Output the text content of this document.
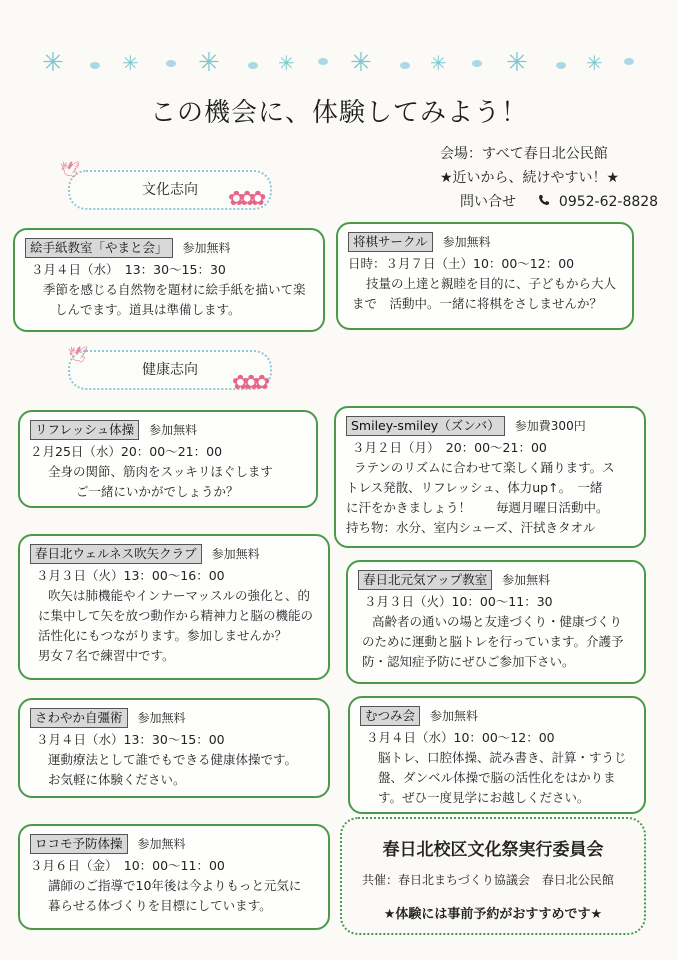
✳	✳ ✳	✳ ✳	✳ ✳	✳
この機会に、体験してみよう！
会場：すべて春日北公民館
★近いから、続けやすい！★
問い合せ	0952-62-8828
文化志向
🕊
✿✿✿
健康志向
🕊
✿✿✿
絵手紙教室「やまと会」	参加無料
３月４日（水）　13：30～15：30
季節を感じる自然物を題材に絵手紙を描いて楽
しんでます。道具は準備します。
将棋サークル	参加無料
日時：３月７日（土）10：00～12：00
技量の上達と親睦を目的に、子どもから大人
まで　活動中。一緒に将棋をさしませんか？
リフレッシュ体操	参加無料
２月25日（水）20：00～21：00
全身の関節、筋肉をスッキリほぐします
ご一緒にいかがでしょうか？
Smiley-smiley（ズンバ）	参加費300円
３月２日（月）　20：00～21：00
ラテンのリズムに合わせて楽しく踊ります。ス
トレス発散、リフレッシュ、体力up↑。　一緒
に汗をかきましょう！　　毎週月曜日活動中。
持ち物：水分、室内シューズ、汗拭きタオル
春日北ウェルネス吹矢クラブ	参加無料
３月３日（火）13：00～16：00
吹矢は肺機能やインナーマッスルの強化と、的
に集中して矢を放つ動作から精神力と脳の機能の
活性化にもつながります。参加しませんか？
男女７名で練習中です。
春日北元気アップ教室	参加無料
３月３日（火）10：00～11：30
高齢者の通いの場と友達づくり・健康づくり
のために運動と脳トレを行っています。介護予
防・認知症予防にぜひご参加下さい。
さわやか自彊術	参加無料
３月４日（水）13：30～15：00
運動療法として誰でもできる健康体操です。
お気軽に体験ください。
むつみ会	参加無料
３月４日（水）10：00～12：00
脳トレ、口腔体操、読み書き、計算・すうじ
盤、ダンベル体操で脳の活性化をはかりま
す。ぜひ一度見学にお越しください。
ロコモ予防体操	参加無料
３月６日（金）　10：00～11：00
講師のご指導で10年後は今よりもっと元気に
暮らせる体づくりを目標にしています。
春日北校区文化祭実行委員会
共催：春日北まちづくり協議会　春日北公民館
★体験には事前予約がおすすめです★
